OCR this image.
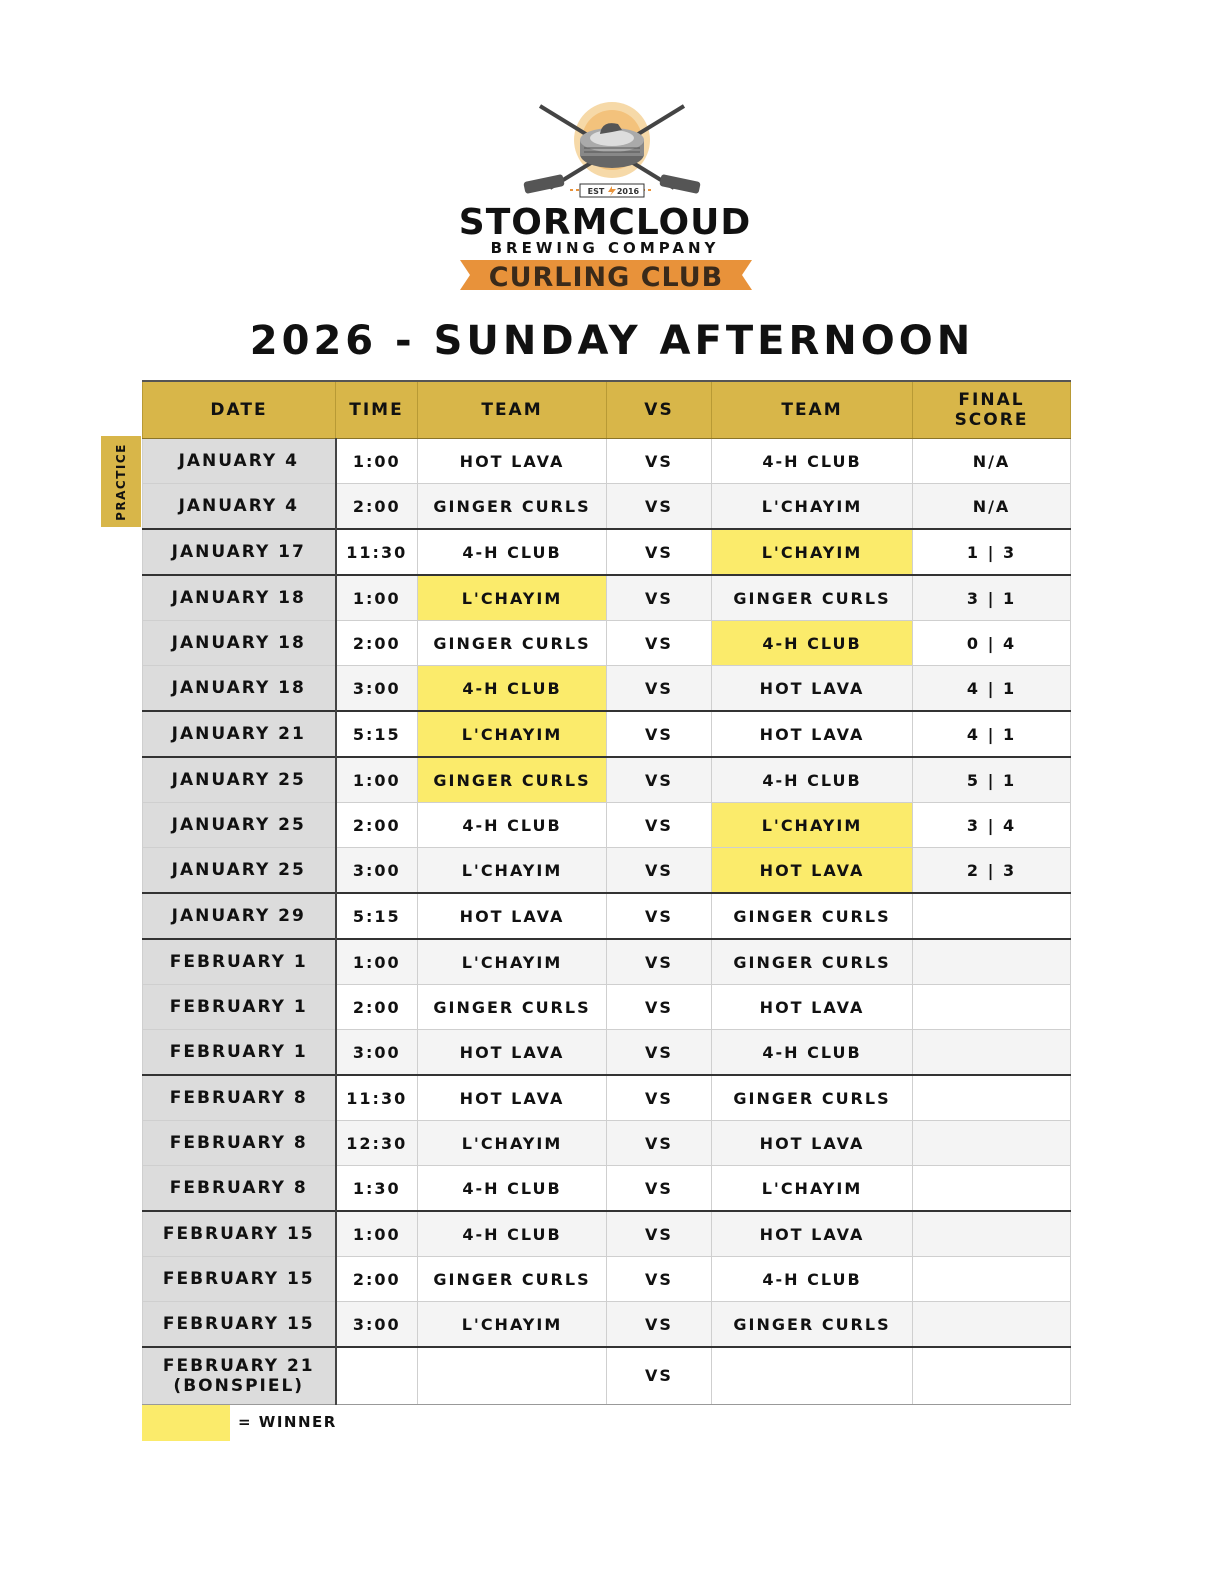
EST 2016
STORMCLOUD
BREWING COMPANY
CURLING CLUB
2026 - SUNDAY AFTERNOON
PRACTICE
DATE	TIME	TEAM	VS	TEAM	FINAL
SCORE
JANUARY 4	1:00	HOT LAVA	VS	4-H CLUB	N/A
JANUARY 4	2:00	GINGER CURLS	VS	L'CHAYIM	N/A
JANUARY 17	11:30	4-H CLUB	VS	L'CHAYIM	1 | 3
JANUARY 18	1:00	L'CHAYIM	VS	GINGER CURLS	3 | 1
JANUARY 18	2:00	GINGER CURLS	VS	4-H CLUB	0 | 4
JANUARY 18	3:00	4-H CLUB	VS	HOT LAVA	4 | 1
JANUARY 21	5:15	L'CHAYIM	VS	HOT LAVA	4 | 1
JANUARY 25	1:00	GINGER CURLS	VS	4-H CLUB	5 | 1
JANUARY 25	2:00	4-H CLUB	VS	L'CHAYIM	3 | 4
JANUARY 25	3:00	L'CHAYIM	VS	HOT LAVA	2 | 3
JANUARY 29	5:15	HOT LAVA	VS	GINGER CURLS	
FEBRUARY 1	1:00	L'CHAYIM	VS	GINGER CURLS	
FEBRUARY 1	2:00	GINGER CURLS	VS	HOT LAVA	
FEBRUARY 1	3:00	HOT LAVA	VS	4-H CLUB	
FEBRUARY 8	11:30	HOT LAVA	VS	GINGER CURLS	
FEBRUARY 8	12:30	L'CHAYIM	VS	HOT LAVA	
FEBRUARY 8	1:30	4-H CLUB	VS	L'CHAYIM	
FEBRUARY 15	1:00	4-H CLUB	VS	HOT LAVA	
FEBRUARY 15	2:00	GINGER CURLS	VS	4-H CLUB	
FEBRUARY 15	3:00	L'CHAYIM	VS	GINGER CURLS	
FEBRUARY 21
(BONSPIEL)			VS		
= WINNER
